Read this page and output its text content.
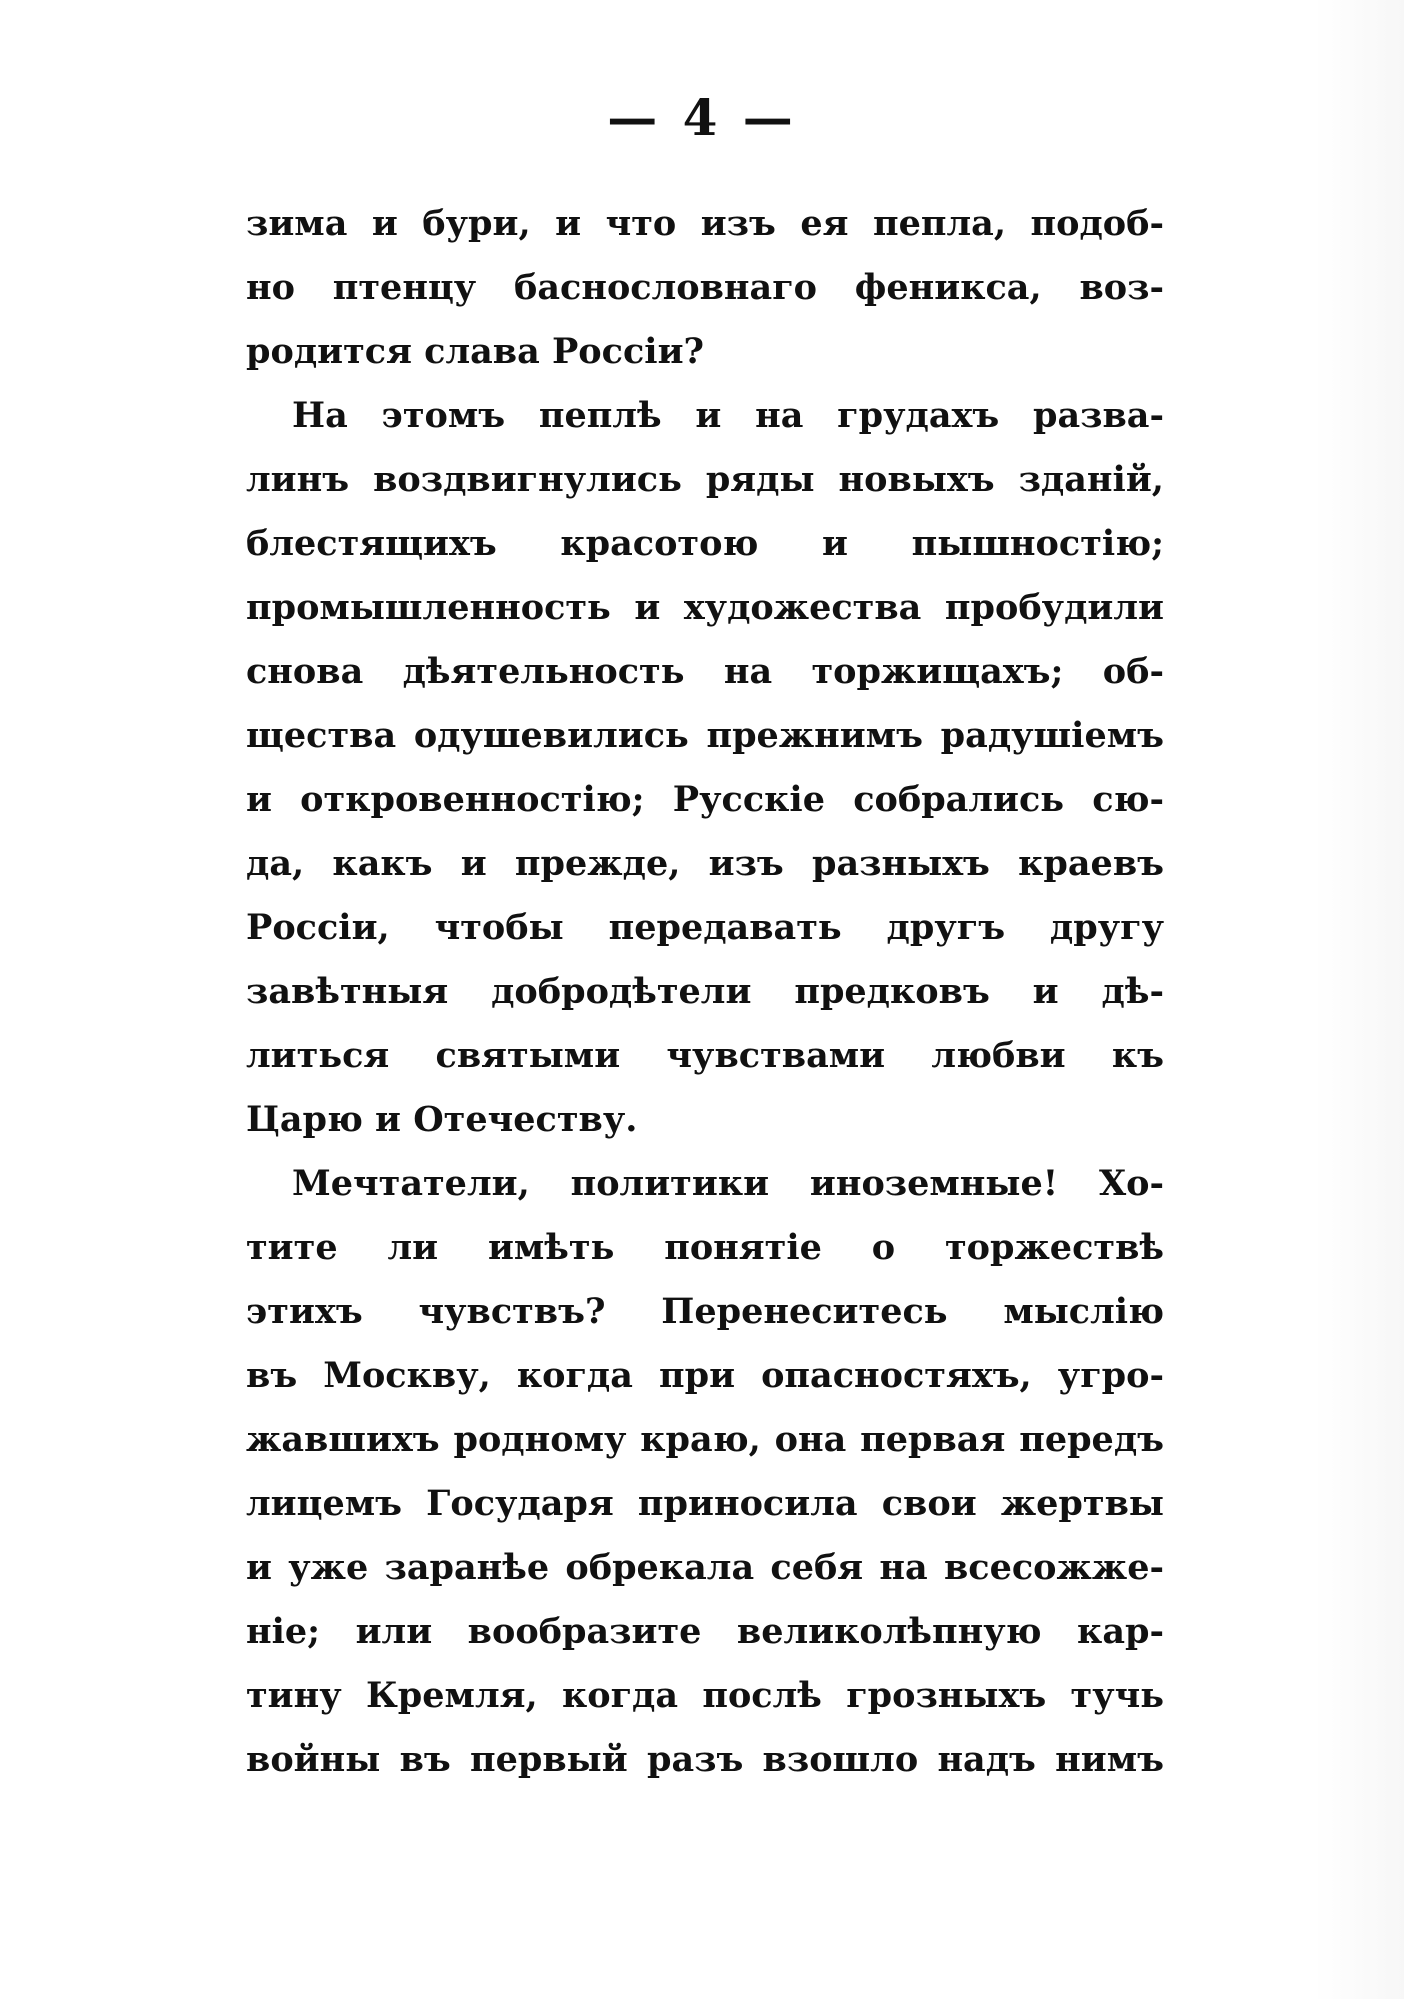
— 4 —
зима и бури, и что изъ ея пепла, подоб-
но птенцу баснословнаго феникса, воз-
родится слава Россіи?
На этомъ пеплѣ и на грудахъ разва-
линъ воздвигнулись ряды новыхъ зданій,
блестящихъ красотою и пышностію;
промышленность и художества пробудили
снова дѣятельность на торжищахъ; об-
щества одушевились прежнимъ радушіемъ
и откровенностію; Русскіе собрались сю-
да, какъ и прежде, изъ разныхъ краевъ
Россіи, чтобы передавать другъ другу
завѣтныя добродѣтели предковъ и дѣ-
литься святыми чувствами любви къ
Царю и Отечеству.
Мечтатели, политики иноземные! Хо-
тите ли имѣть понятіе о торжествѣ
этихъ чувствъ? Перенеситесь мыслію
въ Москву, когда при опасностяхъ, угро-
жавшихъ родному краю, она первая передъ
лицемъ Государя приносила свои жертвы
и уже заранѣе обрекала себя на всесожже-
ніе; или вообразите великолѣпную кар-
тину Кремля, когда послѣ грозныхъ тучь
войны въ первый разъ взошло надъ нимъ
